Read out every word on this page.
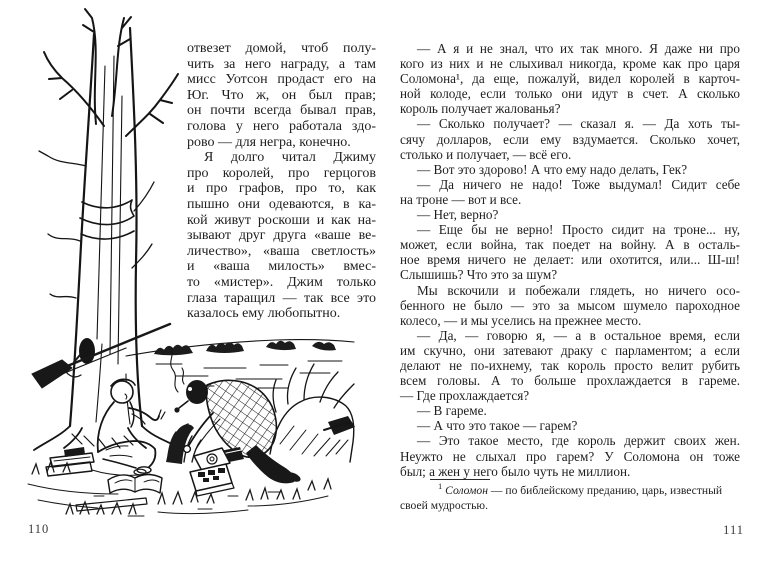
отвезет домой, чтоб полу-
чить за него награду, а там
мисс Уотсон продаст его на
Юг. Что ж, он был прав;
он почти всегда бывал прав,
голова у него работала здо-
рово — для негра, конечно.
Я долго читал Джиму
про королей, про герцогов
и про графов, про то, как
пышно они одеваются, в ка-
кой живут роскоши и как на-
зывают друг друга «ваше ве-
личество», «ваша светлость»
и «ваша милость» вмес-
то «мистер». Джим только
глаза таращил — так все это
казалось ему любопытно.
110
— А я и не знал, что их так много. Я даже ни про
кого из них и не слыхивал никогда, кроме как про царя
Соломона¹, да еще, пожалуй, видел королей в карточ-
ной колоде, если только они идут в счет. А сколько
король получает жалованья?
— Сколько получает? — сказал я. — Да хоть ты-
сячу долларов, если ему вздумается. Сколько хочет,
столько и получает, — всё его.
— Вот это здорово! А что ему надо делать, Гек?
— Да ничего не надо! Тоже выдумал! Сидит себе
на троне — вот и все.
— Нет, верно?
— Еще бы не верно! Просто сидит на троне... ну,
может, если война, так поедет на войну. А в осталь-
ное время ничего не делает: или охотится, или... Ш-ш!
Слышишь? Что это за шум?
Мы вскочили и побежали глядеть, но ничего осо-
бенного не было — это за мысом шумело пароходное
колесо, — и мы уселись на прежнее место.
— Да, — говорю я, — а в остальное время, если
им скучно, они затевают драку с парламентом; а если
делают не по-ихнему, так король просто велит рубить
всем головы. А то больше прохлаждается в гареме.
— Где прохлаждается?
— В гареме.
— А что это такое — гарем?
— Это такое место, где король держит своих жен.
Неужто не слыхал про гарем? У Соломона он тоже
был; а жен у него было чуть не миллион.
$^1$ Соломон — по библейскому преданию, царь, известный
своей мудростью.
111
